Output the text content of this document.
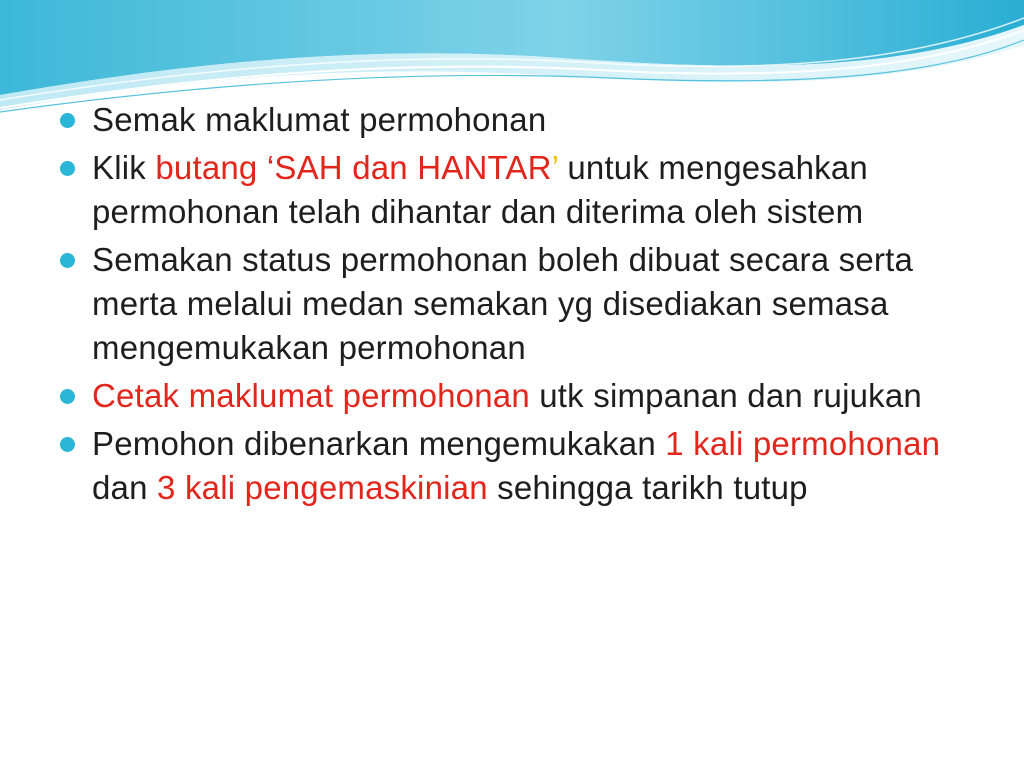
Semak maklumat permohonan
Klik butang ‘SAH dan HANTAR’ untuk mengesahkan permohonan telah dihantar dan diterima oleh sistem
Semakan status permohonan boleh dibuat secara serta merta melalui medan semakan yg disediakan semasa mengemukakan permohonan
Cetak maklumat permohonan utk simpanan dan rujukan
Pemohon dibenarkan mengemukakan 1 kali permohonan dan 3 kali pengemaskinian sehingga tarikh tutup
